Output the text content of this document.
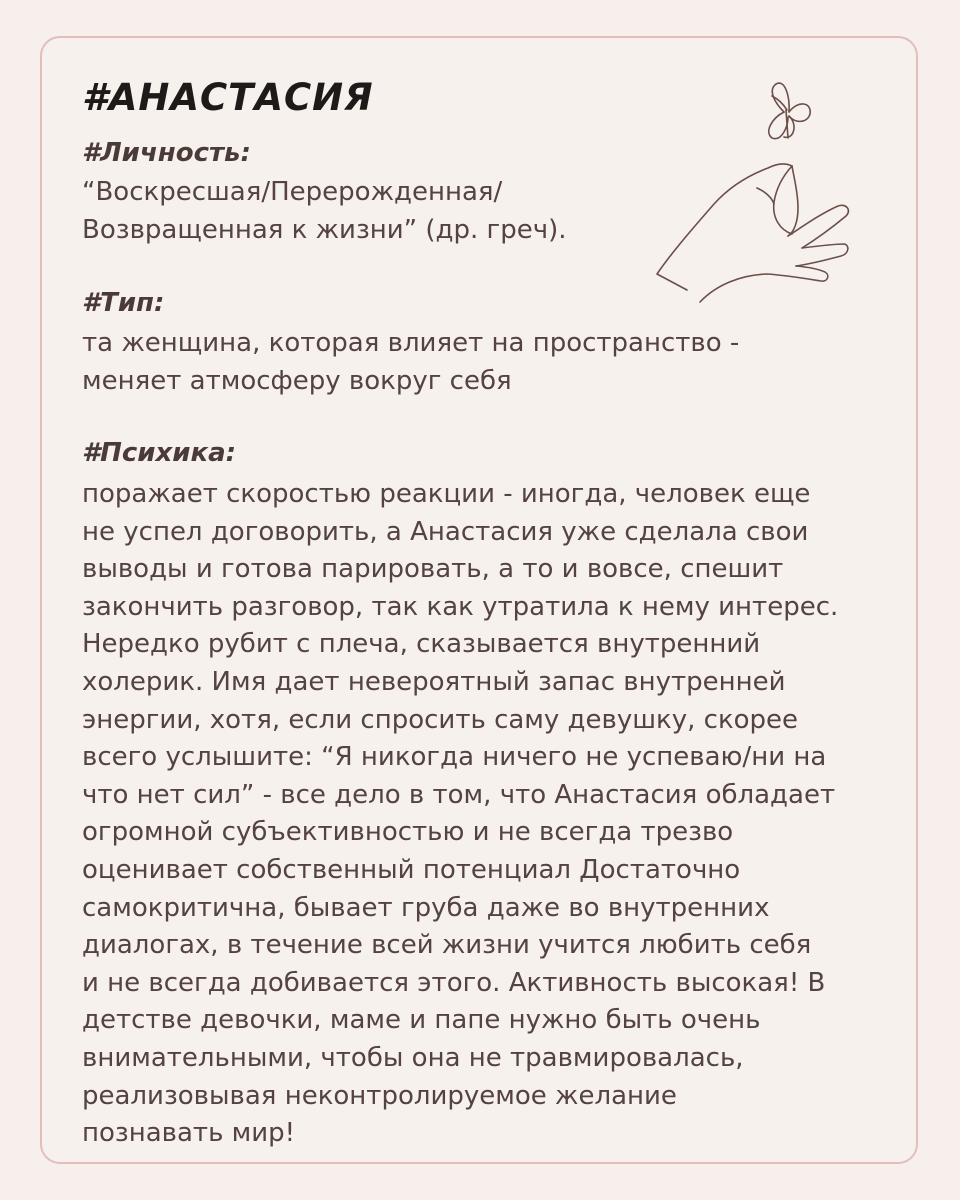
#АНАСТАСИЯ

#Личность:

“Воскресшая/Перерожденная/
Возвращенная к жизни” (др. греч).

#Тип:

та женщина, которая влияет на пространство -
меняет атмосферу вокруг себя

#Психика:

поражает скоростью реакции - иногда, человек еще
не успел договорить, а Анастасия уже сделала свои
выводы и готова парировать, а то и вовсе, спешит
закончить разговор, так как утратила к нему интерес.
Нередко рубит с плеча, сказывается внутренний
холерик. Имя дает невероятный запас внутренней
энергии, хотя, если спросить саму девушку, скорее
всего услышите: “Я никогда ничего не успеваю/ни на
что нет сил” - все дело в том, что Анастасия обладает
огромной субъективностью и не всегда трезво
оценивает собственный потенциал Достаточно
самокритична, бывает груба даже во внутренних
диалогах, в течение всей жизни учится любить себя
и не всегда добивается этого. Активность высокая! В
детстве девочки, маме и папе нужно быть очень
внимательными, чтобы она не травмировалась,
реализовывая неконтролируемое желание
познавать мир!
